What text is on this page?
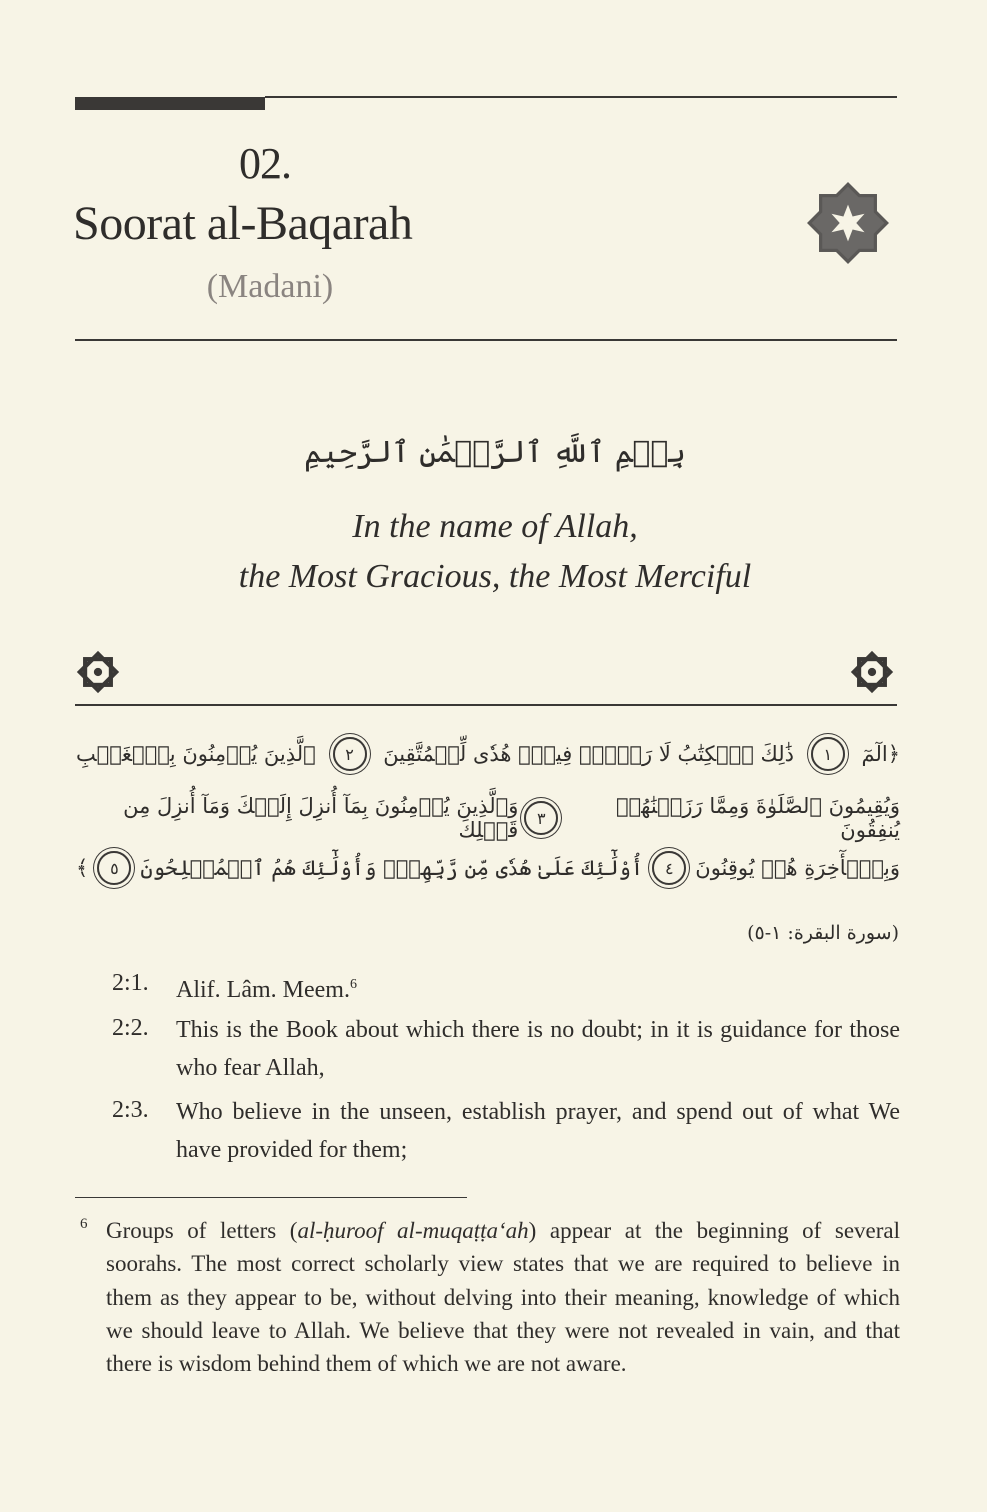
02.
Soorat al-Baqarah
(Madani)
بِسۡمِ ٱللَّهِ ٱلرَّحۡمَٰنِ ٱلرَّحِيمِ
In the name of Allah,
the Most Gracious, the Most Merciful
﴿الٓمٓ
١
ذَٰلِكَ ٱلۡكِتَٰبُ لَا رَيۡبَۛ فِيهِۛ هُدٗى لِّلۡمُتَّقِينَ
٢
ٱلَّذِينَ يُؤۡمِنُونَ بِٱلۡغَيۡبِ
وَيُقِيمُونَ ٱلصَّلَوٰةَ وَمِمَّا رَزَقۡنَٰهُمۡ يُنفِقُونَ
٣
وَٱلَّذِينَ يُؤۡمِنُونَ بِمَآ أُنزِلَ إِلَيۡكَ وَمَآ أُنزِلَ مِن قَبۡلِكَ
وَبِٱلۡأٓخِرَةِ هُمۡ يُوقِنُونَ
٤
أُوْلَٰٓئِكَ عَلَىٰ هُدٗى مِّن رَّبِّهِمۡۖ وَأُوْلَٰٓئِكَ هُمُ ٱلۡمُفۡلِحُونَ
٥
﴾
(سورة البقرة: ١-٥)
2:1. Alif. Lâm. Meem.$^6$
2:2. This is the Book about which there is no doubt; in it is guidance for those who fear Allah,
2:3. Who believe in the unseen, establish prayer, and spend out of what We have provided for them;
6 Groups of letters (al-ḥuroof al-muqaṭṭa‘ah) appear at the beginning of several soorahs. The most correct scholarly view states that we are required to believe in them as they appear to be, without delving into their meaning, knowledge of which we should leave to Allah. We believe that they were not revealed in vain, and that there is wisdom behind them of which we are not aware.
